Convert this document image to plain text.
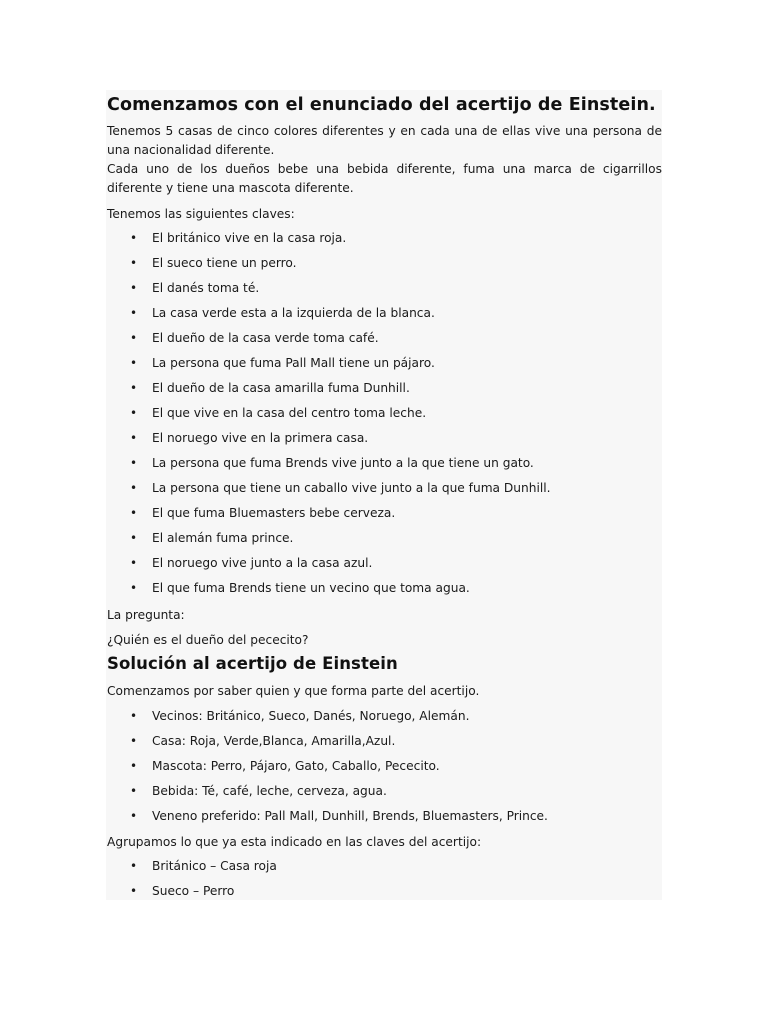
Comenzamos con el enunciado del acertijo de Einstein.

Tenemos 5 casas de cinco colores diferentes y en cada una de ellas vive una persona de una nacionalidad diferente.

Cada uno de los dueños bebe una bebida diferente, fuma una marca de cigarrillos diferente y tiene una mascota diferente.

Tenemos las siguientes claves:

• El británico vive en la casa roja.
• El sueco tiene un perro.
• El danés toma té.
• La casa verde esta a la izquierda de la blanca.
• El dueño de la casa verde toma café.
• La persona que fuma Pall Mall tiene un pájaro.
• El dueño de la casa amarilla fuma Dunhill.
• El que vive en la casa del centro toma leche.
• El noruego vive en la primera casa.
• La persona que fuma Brends vive junto a la que tiene un gato.
• La persona que tiene un caballo vive junto a la que fuma Dunhill.
• El que fuma Bluemasters bebe cerveza.
• El alemán fuma prince.
• El noruego vive junto a la casa azul.
• El que fuma Brends tiene un vecino que toma agua.

La pregunta:

¿Quién es el dueño del pececito?

Solución al acertijo de Einstein

Comenzamos por saber quien y que forma parte del acertijo.

• Vecinos: Británico, Sueco, Danés, Noruego, Alemán.
• Casa: Roja, Verde,Blanca, Amarilla,Azul.
• Mascota: Perro, Pájaro, Gato, Caballo, Pececito.
• Bebida: Té, café, leche, cerveza, agua.
• Veneno preferido: Pall Mall, Dunhill, Brends, Bluemasters, Prince.

Agrupamos lo que ya esta indicado en las claves del acertijo:

• Británico – Casa roja
• Sueco – Perro
